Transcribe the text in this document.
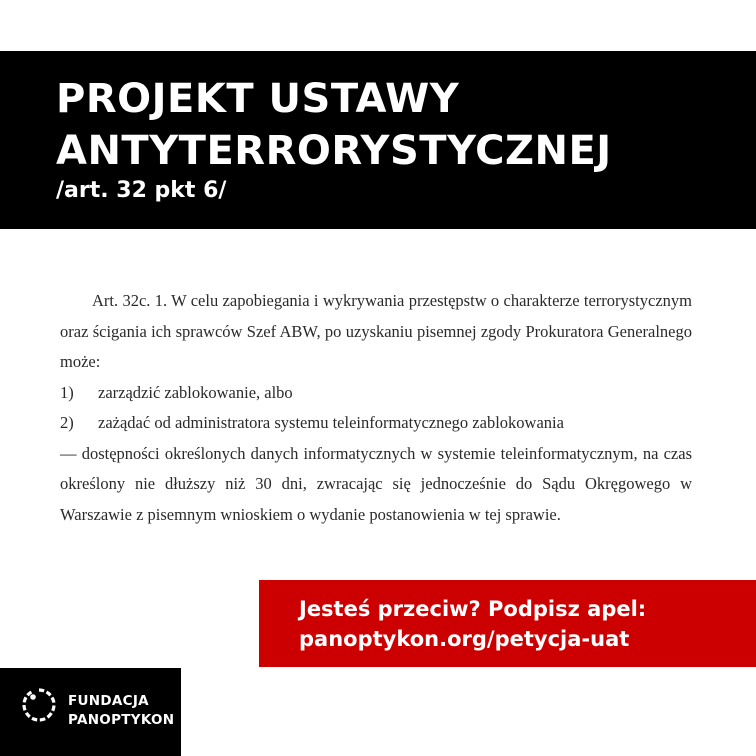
PROJEKT USTAWY
ANTYTERRORYSTYCZNEJ
/art. 32 pkt 6/

Art. 32c. 1. W celu zapobiegania i wykrywania przestępstw o charakterze terrorystycznym oraz ścigania ich sprawców Szef ABW, po uzyskaniu pisemnej zgody Prokuratora Generalnego może:

1)	zarządzić zablokowanie, albo
2)	zażądać od administratora systemu teleinformatycznego zablokowania

— dostępności określonych danych informatycznych w systemie teleinformatycznym, na czas określony nie dłuższy niż 30 dni, zwracając się jednocześnie do Sądu Okręgowego w Warszawie z pisemnym wnioskiem o wydanie postanowienia w tej sprawie.

Jesteś przeciw? Podpisz apel:
panoptykon.org/petycja-uat
FUNDACJA
PANOPTYKON
